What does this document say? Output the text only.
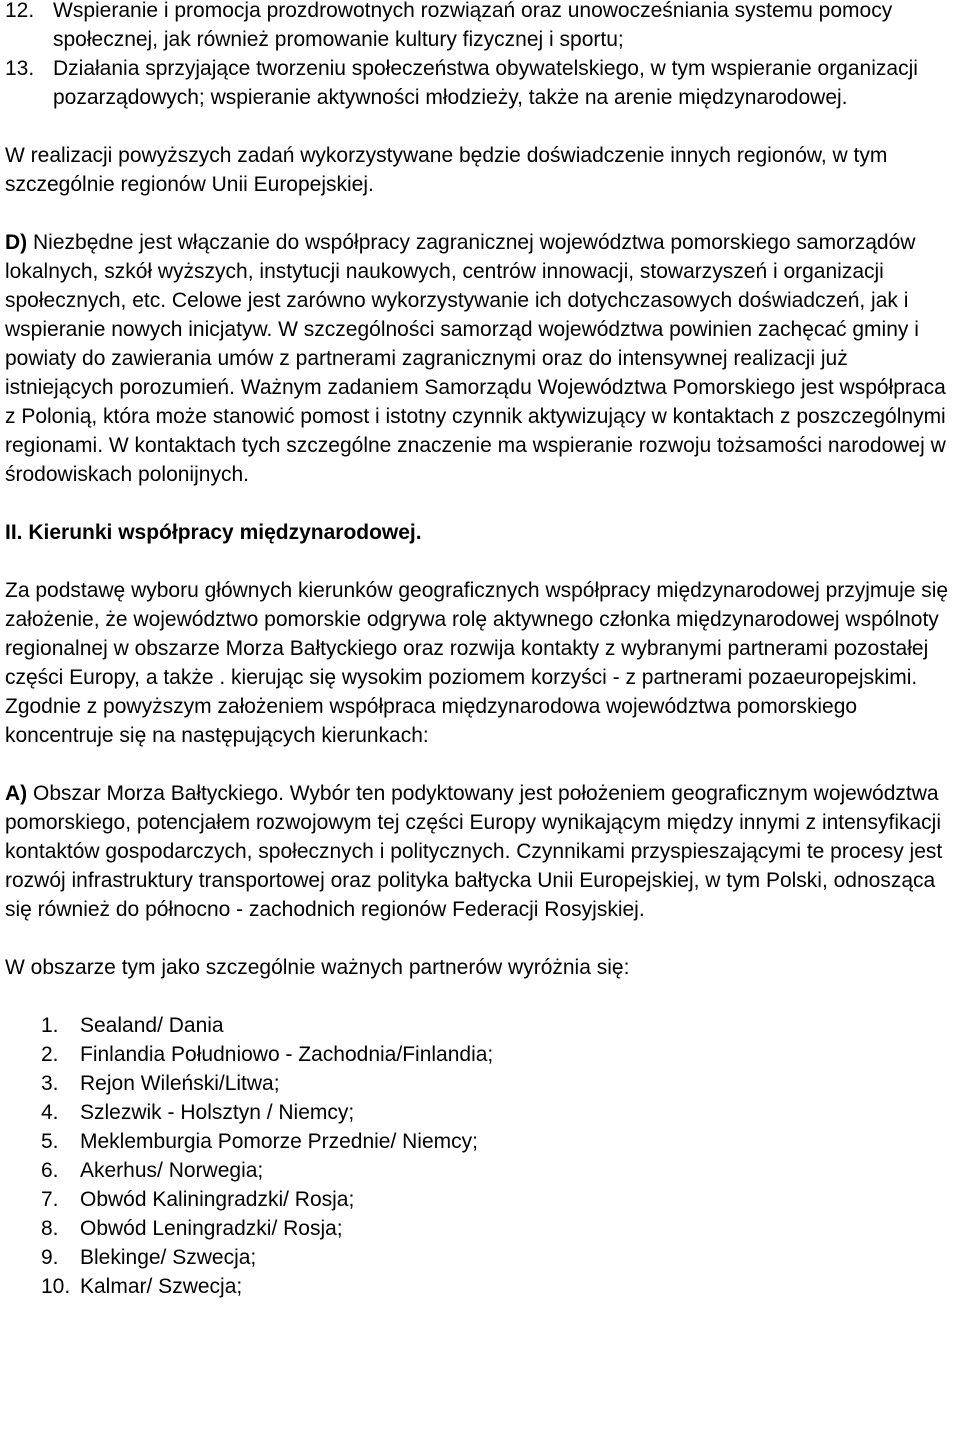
12. Wspieranie i promocja prozdrowotnych rozwiązań oraz unowocześniania systemu pomocy społecznej, jak również promowanie kultury fizycznej i sportu;
13. Działania sprzyjające tworzeniu społeczeństwa obywatelskiego, w tym wspieranie organizacji pozarządowych; wspieranie aktywności młodzieży, także na arenie międzynarodowej.

W realizacji powyższych zadań wykorzystywane będzie doświadczenie innych regionów, w tym szczególnie regionów Unii Europejskiej.

D) Niezbędne jest włączanie do współpracy zagranicznej województwa pomorskiego samorządów lokalnych, szkół wyższych, instytucji naukowych, centrów innowacji, stowarzyszeń i organizacji społecznych, etc. Celowe jest zarówno wykorzystywanie ich dotychczasowych doświadczeń, jak i wspieranie nowych inicjatyw. W szczególności samorząd województwa powinien zachęcać gminy i powiaty do zawierania umów z partnerami zagranicznymi oraz do intensywnej realizacji już istniejących porozumień. Ważnym zadaniem Samorządu Województwa Pomorskiego jest współpraca z Polonią, która może stanowić pomost i istotny czynnik aktywizujący w kontaktach z poszczególnymi regionami. W kontaktach tych szczególne znaczenie ma wspieranie rozwoju tożsamości narodowej w środowiskach polonijnych.

II. Kierunki współpracy międzynarodowej.

Za podstawę wyboru głównych kierunków geograficznych współpracy międzynarodowej przyjmuje się założenie, że województwo pomorskie odgrywa rolę aktywnego członka międzynarodowej wspólnoty regionalnej w obszarze Morza Bałtyckiego oraz rozwija kontakty z wybranymi partnerami pozostałej części Europy, a także . kierując się wysokim poziomem korzyści - z partnerami pozaeuropejskimi. Zgodnie z powyższym założeniem współpraca międzynarodowa województwa pomorskiego koncentruje się na następujących kierunkach:

A) Obszar Morza Bałtyckiego. Wybór ten podyktowany jest położeniem geograficznym województwa pomorskiego, potencjałem rozwojowym tej części Europy wynikającym między innymi z intensyfikacji kontaktów gospodarczych, społecznych i politycznych. Czynnikami przyspieszającymi te procesy jest rozwój infrastruktury transportowej oraz polityka bałtycka Unii Europejskiej, w tym Polski, odnosząca się również do północno - zachodnich regionów Federacji Rosyjskiej.

W obszarze tym jako szczególnie ważnych partnerów wyróżnia się:

1.	Sealand/ Dania
2.	Finlandia Południowo - Zachodnia/Finlandia;
3.	Rejon Wileński/Litwa;
4.	Szlezwik - Holsztyn / Niemcy;
5.	Meklemburgia Pomorze Przednie/ Niemcy;
6.	Akerhus/ Norwegia;
7.	Obwód Kaliningradzki/ Rosja;
8.	Obwód Leningradzki/ Rosja;
9.	Blekinge/ Szwecja;
10. Kalmar/ Szwecja;
